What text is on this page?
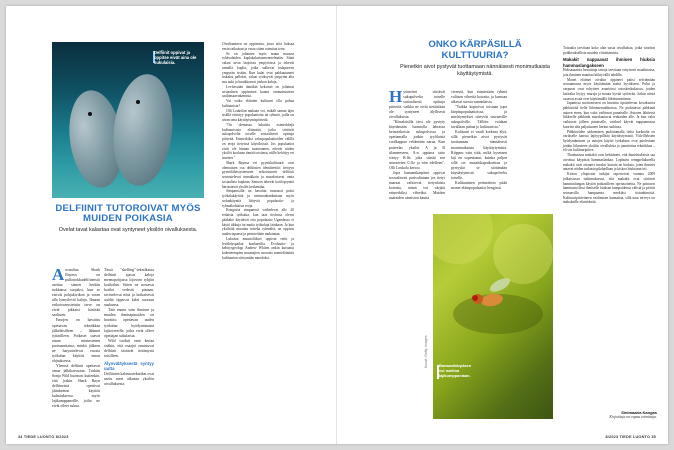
Delfiinit oppivat ja oppitse eivät aina ole sukulaisia.
DELFIINIT TUTOROIVAT MYÖS MUIDEN POIKASIA
Ovelat tavat kalastaa ovat syntyneet yksilön oivalluksesta.

Australian Shark Baynsa on pullonokkadelfiineistä asettaa sienen herkän nokkansa suojaksi, kun se etsivät pohjakivikon ja soran alla lymyileviä kaloja. Ilmaan erikoisvarusteisiin tarve on eivät pikkaisi käsittää saalisten.

Emojen on havaittu opettavan tekniikkaa jälkeläisilleen – lähinnä tyttärilleen. Poikaset saavat oman mininsienen parisuuntiaina, minkä jälkeen ne harjoittelevat vuosia työkalun käyttöä emon ohjauksessa.

Yleensä delfiinit opettavat omaa jälkikasvuaan. Turkiin Sonja Wild huomasi kuitenkin, että joskin Shark Bayn delfiineistä opettivat jätinkeinon käyttöä kalastuksessa myös lajikumppaneille, joilta ne eivät olleet sukua.

Tässä "shelling"-tekniikassa delfiinit ajavat kaloja meenopohjassa lojuvien tyhjiin kotiloihin. Sitten ne nostavat kotilot vedestä pintaan, ravistelevat niitä ja hotkaisevat sisältä tippuvat kalat suoraan suuhunsa.

Tätä ennen vain ihmisen ja muiden ihmisapinoiden on havaittu opettavan uuden työkalun hyödyntämistä lajitovereille, jotka eivät olleet opettajan sukulaisia.

Wild toidisti emä kertaa sitäkin, että osaajat onnistuvat delfiinit siirtävät tietämystä toisilleen.

Älynväläyksestä syntyy uutta

Delfiinien kalastustekniikat ovat usein meet alkunsa yksilön oivalluksesta.

Oivaltaminen on oppimista, jossa siitä hoksaa ensin ratkaisun ja vasta sitten toteuttaa teon.

Se on joltainen myös muun muassa ryhävalaiden kuplakalastusmenetelmään. Siinä valaat uivat laajoissa ympyröissä ja tekevät samalla kuplia, jotka sulkevat kalaparven ympyrän sisään. Kun kalat ovat pakkautuneet tiukaksi palloksi, valaat syöksyvät ympyrän alta suu auki ja hauikkaavat joukon kaloja.

Levitessään tämäkin keksintö on joltainut sosiaalisen oppimisen kautta ominaisuuteen saaliinsaavuttamista.

Vai voiko eläinten kulttuuri olla puhua kulttuurista?

Olli Loukolan mukaan voi, mikäli saman lajin sisällä esiintyy populaatioita tai ryhmiä, joilla on aivan oma käyttäytymispiirteitä.

"On olemassa lukuisia esimerkkejä kulttuurisista eläimistä, jotka siirtävät sukupolvelta toiselle sosiaalisesti opittuja piirteitä. Esimerkiksi valaspopulaatioiden välillä on eroja tietyissä käytöksissä. Jos populaatiot eivät ole hinnan tuotetannen, ettevät niiden yksilöt kookaan tömää toisiinsa, niille kehittyy eri murteet."

Shark Baynsa eri pyyntikulttuurit ovat olennaisen osa delfiinien identiteettiä: tiettyyn pyyntilähestysteeseen erikoistuneet delfiinit seurustelevat rinnakkain ja muodostavat omia sosiaalisia kuplaan. Samoin tekevät kotiloprynttä harrastavat yksilöt keskenään.

Simpanssilla on havaittu runsaasti paitsi työkalukäyttöä ja ravinnonhankintaan myös sodankäyntiä liittyviä populaatio- ja ryhmäkohtaisia eroja.

Kongossa simpanssit vaihtelevat alle 20 erilaista työkalua, kun taas tiedossa olevat pääkäkö käyttävät eria populaatio Ugandassa ei käytä tikkuja tai muita työkaluja lainkaan. Ja kun yksilöitä muuttaa toiselta ryhmältä, ne oppivat uuden tapansa ja perinteitään mukanaan.

Lukuisat muuttoliikset oppivat reitit ja levähdyspaikat konkareilta. Evoluutio- ja kehitysgeologi Andrew Whiten onkin kutsunut kokeneempien muuttajien suorasta mentelöinästä kulttuurien siirtymään muodoksi.

34 TIEDE LUONTO 8/2023
ONKO KÄRPÄSILLÄ KULTTUURIA?
Pienetkin aivot pystyvät tuottamaan nännäisesti monimutkaista käyttäytymistä.

Hyönteiset siirtävät sukupolvelta toiselle sosiaalisesti opittuja piirteitä, vaikka ne eivät tietäisikän ole syntyneet älyllisesti oivalluksista.

"Kiinalaisilla tiesi ole pystyty käyttämään luonnolla labrassa keinotekoisia sukupolvissa ja opettamalla jonkin tyylilaisiä vatilkappaa veldenään narua. Kun paiseelas yksilöt A ja B tilanneeseen, A:n oppima taito siirtyy B:lle, joka siirtää sen seuraavien C:lle ja niin edelleen", Olli Loukola kertoo.

Jopa banaanikärpäset oppivat sosiaalisesti parivalintaan jos tietyt naaraat valitsevat tietynlaisia koiraita, nämä voi värjätä esimerkiksi vihreiksi. Muiden naaraiden aineiston kautta

vierestä, kun esimiesään ryhmä valitsen vihreitä koiraita, ja kanssaa alkavat suosia samanlaisia.

"Vaikka kopioivat toistaan jopa kärpäspopulaatioissa, ja mielitymykset siirtyvät seuraaville sukupolville. Tällöin voidaan tavallaan puhua jo kulttuurista."

Kulttuuri ei vaadi korkeaa älyä, sillä pienetkin aivot pystyvät tuottamaan nännäisesti monimutkaista käyttäytymistä. Riippuu vain siitä, miltä kyseinen laji on sopeutunut, kuinka paljon sillä on mutatiikapaikoettua ja pystyykö se siirtämään käyttäytymistä sukupolvelta toiselle.

Kulttuurinen perimätieto pitää monet eläinpopulaatiot hengissä.

Banaanikärpäsen voi mallioa lajikumppaniaan.
Kuvat: Getty Images

Toisaalta tarvitaan koko alan uusia oivalluksia, jotka vaativat poikkeuksellisia muiden viitoittamista.

Makakit nappaavat ihmisen hiuksia hammaslangakseen

Hoksaaaaisia havaittuja taitoja tarvitaan erityisesti maailmassa, jota ihminen muuttaa kiihtyvällä tahdilla.

Monet eläimet oivaltin oppineet paitsi selviämään seuraamassa myös käyttämään meitä hyväkseen. Pulut ja varpuset ovat rohytteet asuntoissi ostoskeskuksissa, joiden lattioilta löytyy muruja ja muuta hyvää syötävää. Jotkin niistä osaavat avata ovet käyttämällä liiketunnistimia.

Japanissa moiivariseen on havaittu tiputtelevan kovakuoria pähkinöitä tielle liikenneruuhkoissa. Ne pudottavat pähkinät autoen eteen, kun valot vaihtavat punaiselle. Autoten lähtiessä liikkeelle pähkinät murskautuvat renkaiden alle. Ja kun valot vaihtuvat jälleen punaiselle, variksel käyvät nappaamassa kuorien alta paljastuneet herkut suihinsa.

Pähkinöiden särkeminen pudottamalla tielta korkealta on varikselle kanssa lajityypillistä käyttäytymistä. Välvillyksien hyödyntäminen ja autojen käyttö työkaluna ovat puolestaan jonkin liikenteen yksilön oivalluksia ja jonnitettua tekniikkaa – eli siis kulttuuripiirre.

Thaimaassa makakit ovat kehitäneet, että ihmishiuksista saa oivottua käypäsiä hammaslankaa. Lopburin temppelialueella makakit ovat ottaneet tavaksi koirata ne hiuksia, joten ihmiset antavat niiden tutkusta pikdaellaan ja kiskoa hiuksiaan irti.

Kioton yliopiston tutkijat raportoivat vuonna 2009 julkaistussa tutkimuksessa, että makakit ovat siirtävät hammaslangan käytön poikasilleen opetusotteitta. Ne painuvat hammasta lässi ihmiselle hiuksen hampaidensa välistä ja pitivät seuraavilla hampaansa merkiksi tiotunkimisiä. Kulttuuripiirteineen vaalimisen kannattaa, sillä naut terveys on makakeille elintärkeää.

Sinimaaria Kangas
Kirjoittaja on vapaa toimittaja.
8/2023 TIEDE LUONTO 35
